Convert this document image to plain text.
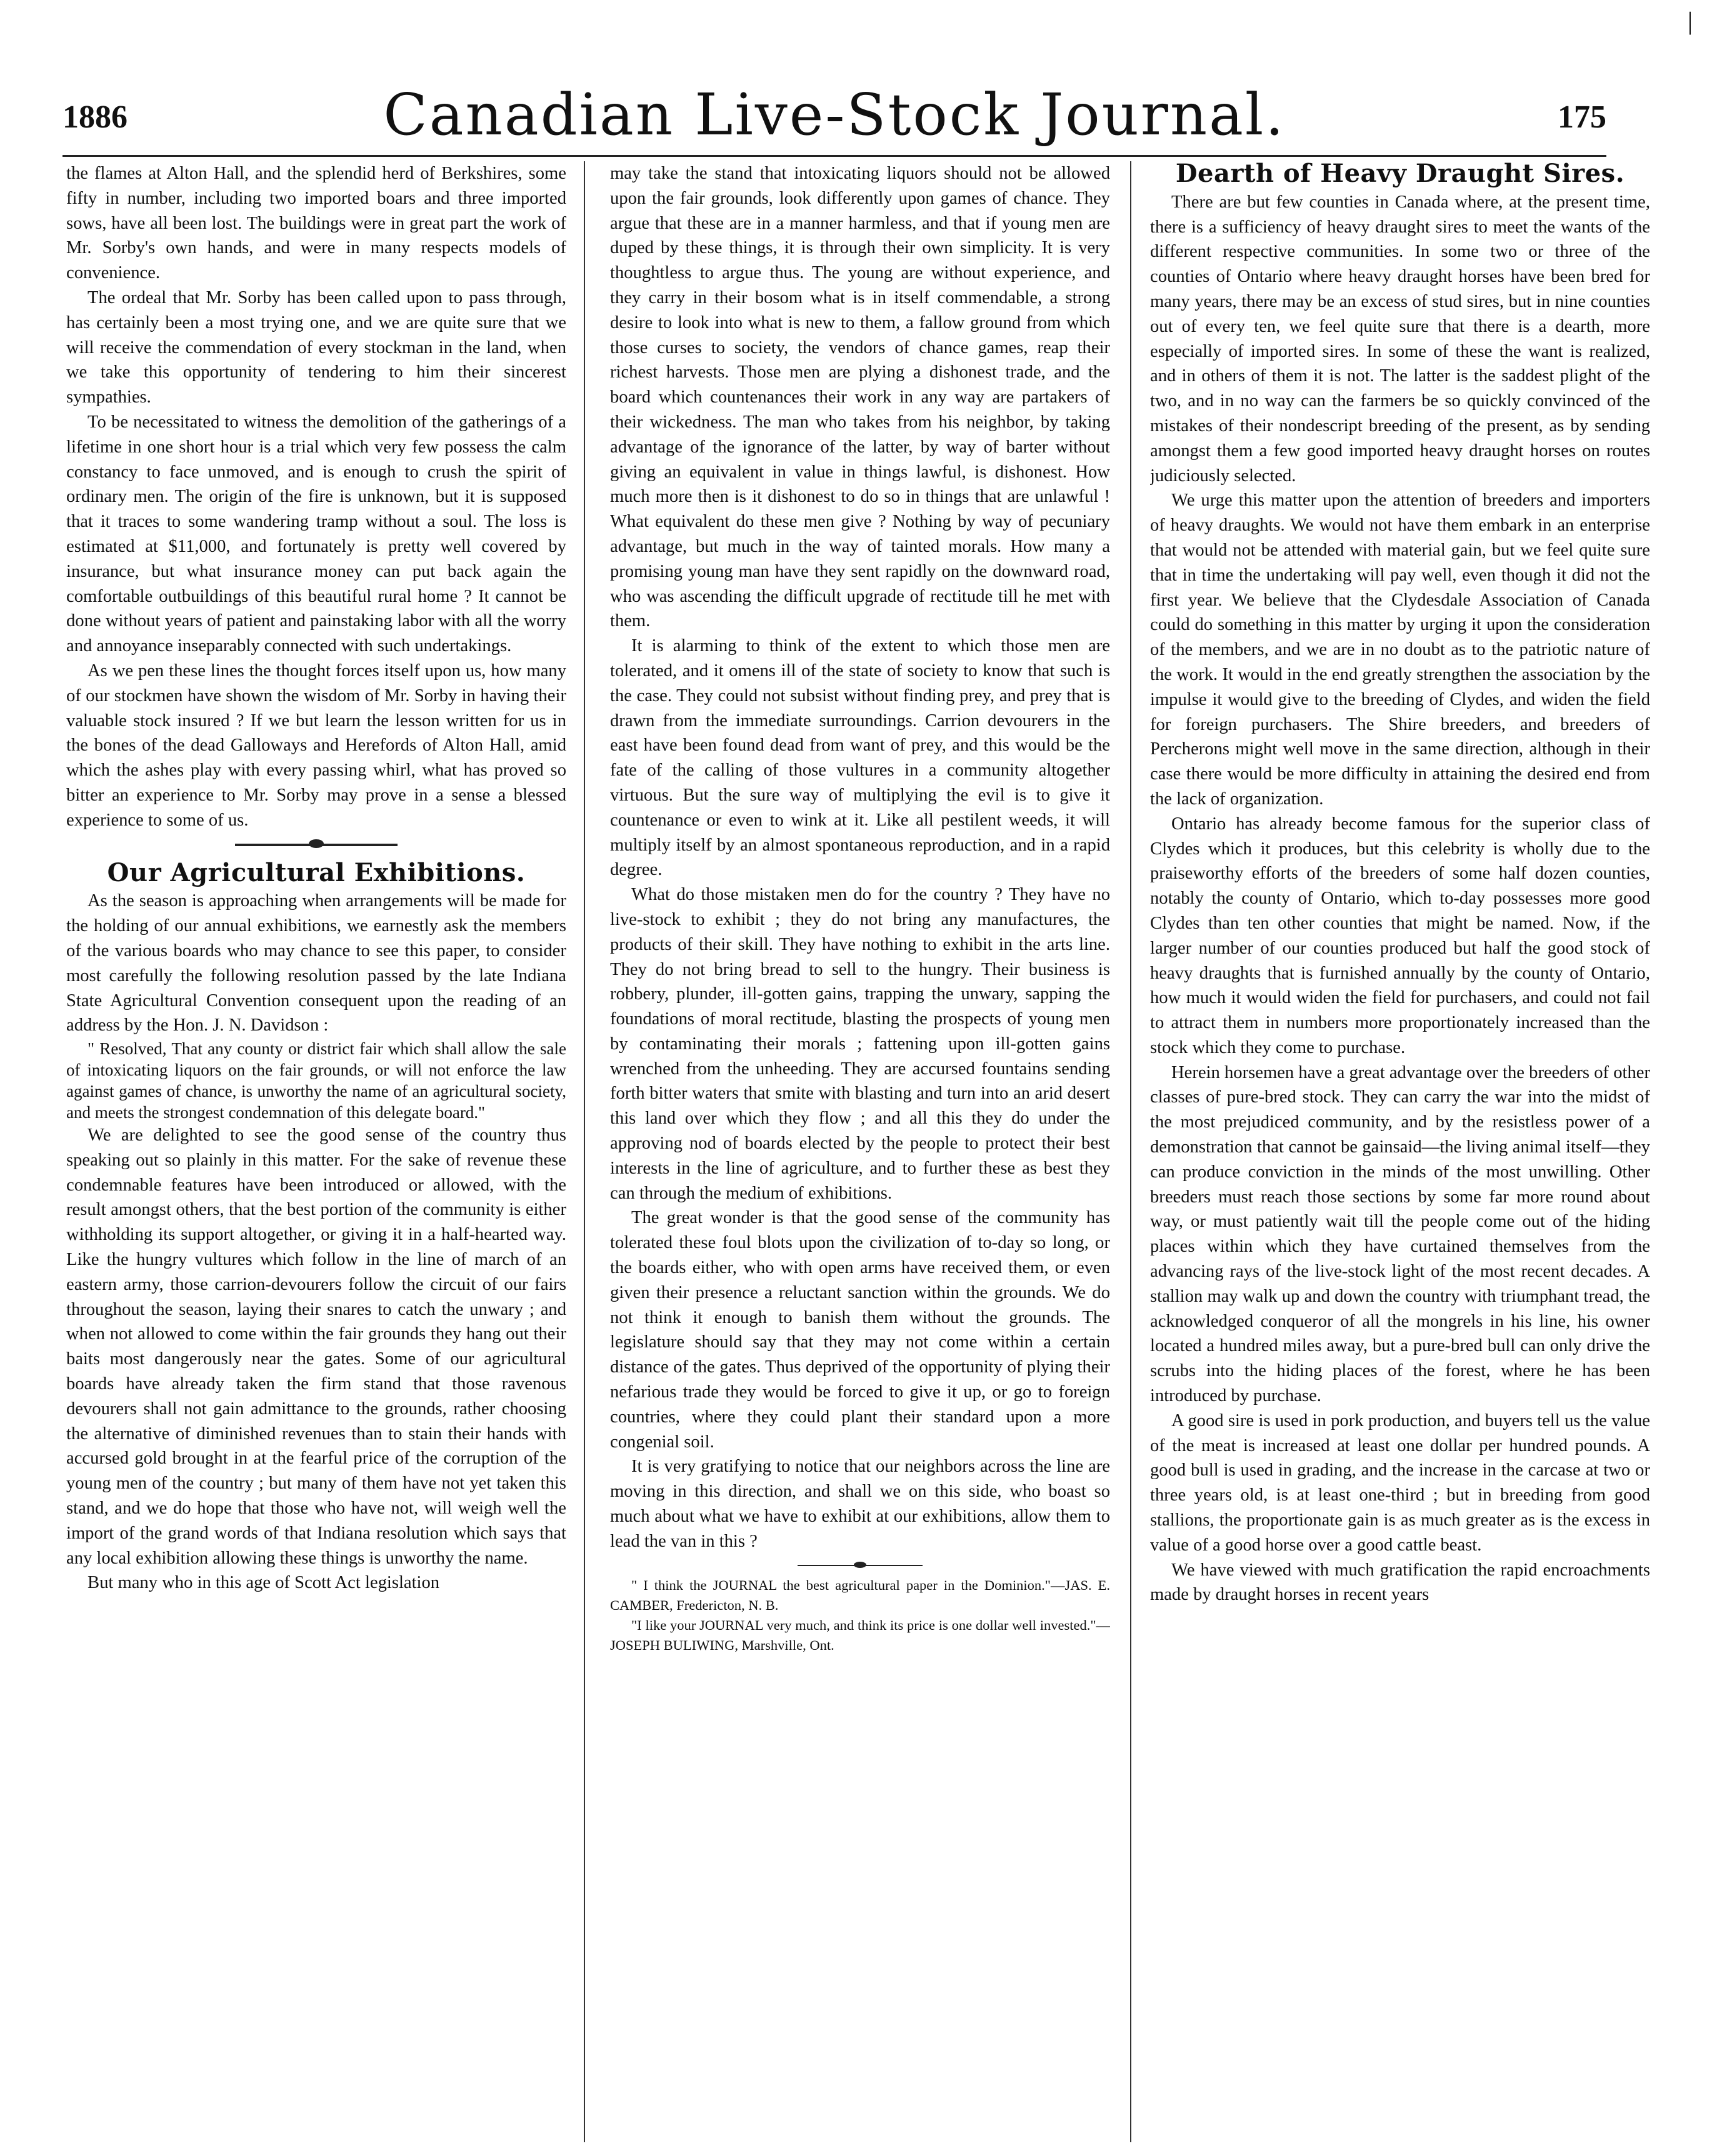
|
1886	Canadian Live-Stock Journal.	175

the flames at Alton Hall, and the splendid herd of Berkshires, some fifty in number, including two imported boars and three imported sows, have all been lost. The buildings were in great part the work of Mr. Sorby's own hands, and were in many respects models of convenience.

The ordeal that Mr. Sorby has been called upon to pass through, has certainly been a most trying one, and we are quite sure that we will receive the commendation of every stockman in the land, when we take this opportunity of tendering to him their sincerest sympathies.

To be necessitated to witness the demolition of the gatherings of a lifetime in one short hour is a trial which very few possess the calm constancy to face unmoved, and is enough to crush the spirit of ordinary men. The origin of the fire is unknown, but it is supposed that it traces to some wandering tramp without a soul. The loss is estimated at $11,000, and fortunately is pretty well covered by insurance, but what insurance money can put back again the comfortable outbuildings of this beautiful rural home ? It cannot be done without years of patient and painstaking labor with all the worry and annoyance inseparably connected with such undertakings.

As we pen these lines the thought forces itself upon us, how many of our stockmen have shown the wisdom of Mr. Sorby in having their valuable stock insured ? If we but learn the lesson written for us in the bones of the dead Galloways and Herefords of Alton Hall, amid which the ashes play with every passing whirl, what has proved so bitter an experience to Mr. Sorby may prove in a sense a blessed experience to some of us.

Our Agricultural Exhibitions.

As the season is approaching when arrangements will be made for the holding of our annual exhibitions, we earnestly ask the members of the various boards who may chance to see this paper, to consider most carefully the following resolution passed by the late Indiana State Agricultural Convention consequent upon the reading of an address by the Hon. J. N. Davidson :

" Resolved, That any county or district fair which shall allow the sale of intoxicating liquors on the fair grounds, or will not enforce the law against games of chance, is unworthy the name of an agricultural society, and meets the strongest condemnation of this delegate board."

We are delighted to see the good sense of the country thus speaking out so plainly in this matter. For the sake of revenue these condemnable features have been introduced or allowed, with the result amongst others, that the best portion of the community is either withholding its support altogether, or giving it in a half-hearted way. Like the hungry vultures which follow in the line of march of an eastern army, those carrion-devourers follow the circuit of our fairs throughout the season, laying their snares to catch the unwary ; and when not allowed to come within the fair grounds they hang out their baits most dangerously near the gates. Some of our agricultural boards have already taken the firm stand that those ravenous devourers shall not gain admittance to the grounds, rather choosing the alternative of diminished revenues than to stain their hands with accursed gold brought in at the fearful price of the corruption of the young men of the country ; but many of them have not yet taken this stand, and we do hope that those who have not, will weigh well the import of the grand words of that Indiana resolution which says that any local exhibition allowing these things is unworthy the name.

But many who in this age of Scott Act legislation

may take the stand that intoxicating liquors should not be allowed upon the fair grounds, look differently upon games of chance. They argue that these are in a manner harmless, and that if young men are duped by these things, it is through their own simplicity. It is very thoughtless to argue thus. The young are without experience, and they carry in their bosom what is in itself commendable, a strong desire to look into what is new to them, a fallow ground from which those curses to society, the vendors of chance games, reap their richest harvests. Those men are plying a dishonest trade, and the board which countenances their work in any way are partakers of their wickedness. The man who takes from his neighbor, by taking advantage of the ignorance of the latter, by way of barter without giving an equivalent in value in things lawful, is dishonest. How much more then is it dishonest to do so in things that are unlawful ! What equivalent do these men give ? Nothing by way of pecuniary advantage, but much in the way of tainted morals. How many a promising young man have they sent rapidly on the downward road, who was ascending the difficult upgrade of rectitude till he met with them.

It is alarming to think of the extent to which those men are tolerated, and it omens ill of the state of society to know that such is the case. They could not subsist without finding prey, and prey that is drawn from the immediate surroundings. Carrion devourers in the east have been found dead from want of prey, and this would be the fate of the calling of those vultures in a community altogether virtuous. But the sure way of multiplying the evil is to give it countenance or even to wink at it. Like all pestilent weeds, it will multiply itself by an almost spontaneous reproduction, and in a rapid degree.

What do those mistaken men do for the country ? They have no live-stock to exhibit ; they do not bring any manufactures, the products of their skill. They have nothing to exhibit in the arts line. They do not bring bread to sell to the hungry. Their business is robbery, plunder, ill-gotten gains, trapping the unwary, sapping the foundations of moral rectitude, blasting the prospects of young men by contaminating their morals ; fattening upon ill-gotten gains wrenched from the unheeding. They are accursed fountains sending forth bitter waters that smite with blasting and turn into an arid desert this land over which they flow ; and all this they do under the approving nod of boards elected by the people to protect their best interests in the line of agriculture, and to further these as best they can through the medium of exhibitions.

The great wonder is that the good sense of the community has tolerated these foul blots upon the civilization of to-day so long, or the boards either, who with open arms have received them, or even given their presence a reluctant sanction within the grounds. We do not think it enough to banish them without the grounds. The legislature should say that they may not come within a certain distance of the gates. Thus deprived of the opportunity of plying their nefarious trade they would be forced to give it up, or go to foreign countries, where they could plant their standard upon a more congenial soil.

It is very gratifying to notice that our neighbors across the line are moving in this direction, and shall we on this side, who boast so much about what we have to exhibit at our exhibitions, allow them to lead the van in this ?

" I think the JOURNAL the best agricultural paper in the Dominion."—JAS. E. CAMBER, Fredericton, N. B.

"I like your JOURNAL very much, and think its price is one dollar well invested."—JOSEPH BULIWING, Marshville, Ont.

Dearth of Heavy Draught Sires.

There are but few counties in Canada where, at the present time, there is a sufficiency of heavy draught sires to meet the wants of the different respective communities. In some two or three of the counties of Ontario where heavy draught horses have been bred for many years, there may be an excess of stud sires, but in nine counties out of every ten, we feel quite sure that there is a dearth, more especially of imported sires. In some of these the want is realized, and in others of them it is not. The latter is the saddest plight of the two, and in no way can the farmers be so quickly convinced of the mistakes of their nondescript breeding of the present, as by sending amongst them a few good imported heavy draught horses on routes judiciously selected.

We urge this matter upon the attention of breeders and importers of heavy draughts. We would not have them embark in an enterprise that would not be attended with material gain, but we feel quite sure that in time the undertaking will pay well, even though it did not the first year. We believe that the Clydesdale Association of Canada could do something in this matter by urging it upon the consideration of the members, and we are in no doubt as to the patriotic nature of the work. It would in the end greatly strengthen the association by the impulse it would give to the breeding of Clydes, and widen the field for foreign purchasers. The Shire breeders, and breeders of Percherons might well move in the same direction, although in their case there would be more difficulty in attaining the desired end from the lack of organization.

Ontario has already become famous for the superior class of Clydes which it produces, but this celebrity is wholly due to the praiseworthy efforts of the breeders of some half dozen counties, notably the county of Ontario, which to-day possesses more good Clydes than ten other counties that might be named. Now, if the larger number of our counties produced but half the good stock of heavy draughts that is furnished annually by the county of Ontario, how much it would widen the field for purchasers, and could not fail to attract them in numbers more proportionately increased than the stock which they come to purchase.

Herein horsemen have a great advantage over the breeders of other classes of pure-bred stock. They can carry the war into the midst of the most prejudiced community, and by the resistless power of a demonstration that cannot be gainsaid—the living animal itself—they can produce conviction in the minds of the most unwilling. Other breeders must reach those sections by some far more round about way, or must patiently wait till the people come out of the hiding places within which they have curtained themselves from the advancing rays of the live-stock light of the most recent decades. A stallion may walk up and down the country with triumphant tread, the acknowledged conqueror of all the mongrels in his line, his owner located a hundred miles away, but a pure-bred bull can only drive the scrubs into the hiding places of the forest, where he has been introduced by purchase.

A good sire is used in pork production, and buyers tell us the value of the meat is increased at least one dollar per hundred pounds. A good bull is used in grading, and the increase in the carcase at two or three years old, is at least one-third ; but in breeding from good stallions, the proportionate gain is as much greater as is the excess in value of a good horse over a good cattle beast.

We have viewed with much gratification the rapid encroachments made by draught horses in recent years
